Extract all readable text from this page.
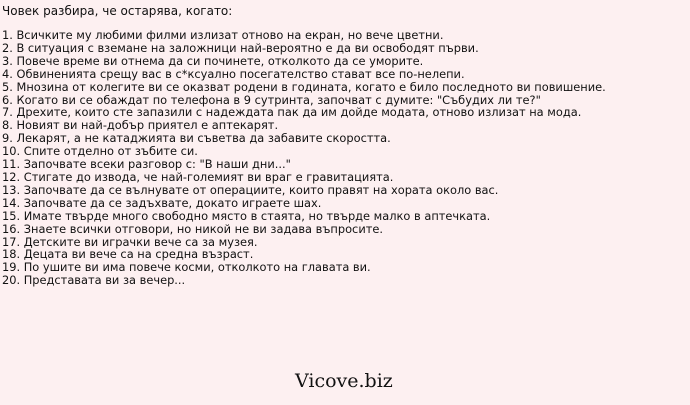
Човек разбира, че остарява, когато:
1. Всичките му любими филми излизат отново на екран, но вече цветни.
2. В ситуация с вземане на заложници най-вероятно е да ви освободят първи.
3. Повече време ви отнема да си починете, отколкото да се уморите.
4. Обвиненията срещу вас в с*ксуално посегателство стават все по-нелепи.
5. Мнозина от колегите ви се оказват родени в годината, когато е било последното ви повишение.
6. Когато ви се обаждат по телефона в 9 сутринта, започват с думите: "Събудих ли те?"
7. Дрехите, които сте запазили с надеждата пак да им дойде модата, отново излизат на мода.
8. Новият ви най-добър приятел е аптекарят.
9. Лекарят, а не катаджията ви съветва да забавите скоростта.
10. Спите отделно от зъбите си.
11. Започвате всеки разговор с: "В наши дни..."
12. Стигате до извода, че най-големият ви враг е гравитацията.
13. Започвате да се вълнувате от операциите, които правят на хората около вас.
14. Започвате да се задъхвате, докато играете шах.
15. Имате твърде много свободно място в стаята, но твърде малко в аптечката.
16. Знаете всички отговори, но никой не ви задава въпросите.
17. Детските ви играчки вече са за музея.
18. Децата ви вече са на средна възраст.
19. По ушите ви има повече косми, отколкото на главата ви.
20. Представата ви за вечер...
Vicove.biz
